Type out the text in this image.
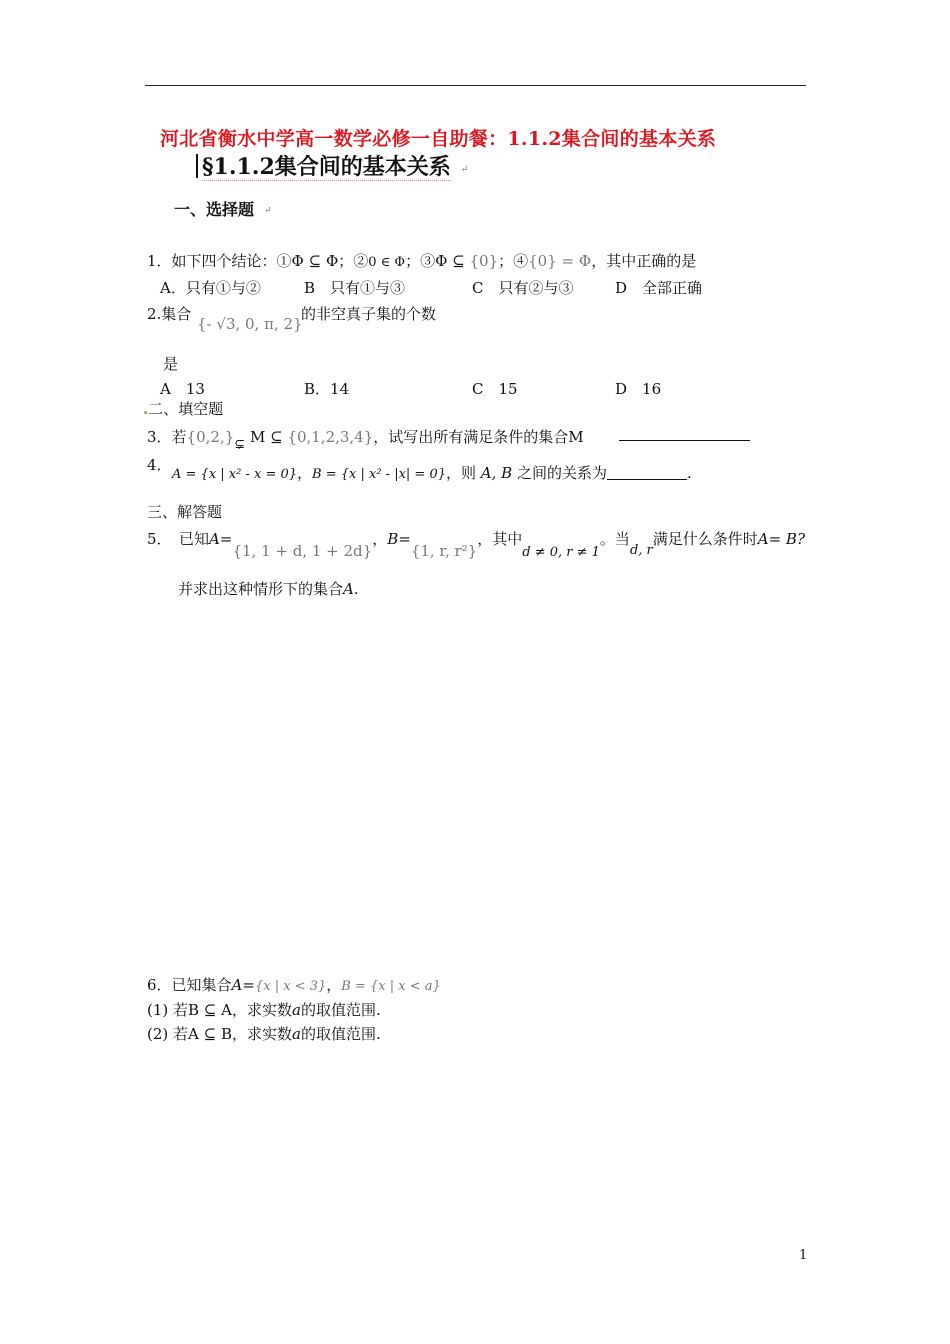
河北省衡水中学高一数学必修一自助餐：1.1.2集合间的基本关系
§1.1.2集合间的基本关系 ↵
一、选择题 ↵
1．如下四个结论：①Φ ⊆ Φ；②0 ∈ Φ；③Φ ⊆ {0}；④{0} = Φ，其中正确的是
A．只有①与②	B　只有①与③	C　只有②与③	D　全部正确
2.集合
{- √3, 0, π, 2}
的非空真子集的个数
是
A　13	B．14	C　15	D　16
.二、填空题
3．若{0,2,}⊊ M ⊆ {0,1,2,3,4}，试写出所有满足条件的集合M
4．
A = {x | x² - x = 0}，B = {x | x² - |x| = 0}，则 A, B 之间的关系为	.
三、解答题
5．　已知A={1, 1 + d, 1 + 2d}，B={1, r, r²}，其中d ≠ 0, r ≠ 1。当d, r满足什么条件时A= B?
并求出这种情形下的集合A.
6．已知集合A={x | x < 3}，B = {x | x < a}
(1) 若B ⊆ A，求实数a的取值范围.
(2) 若A ⊆ B，求实数a的取值范围.
1
